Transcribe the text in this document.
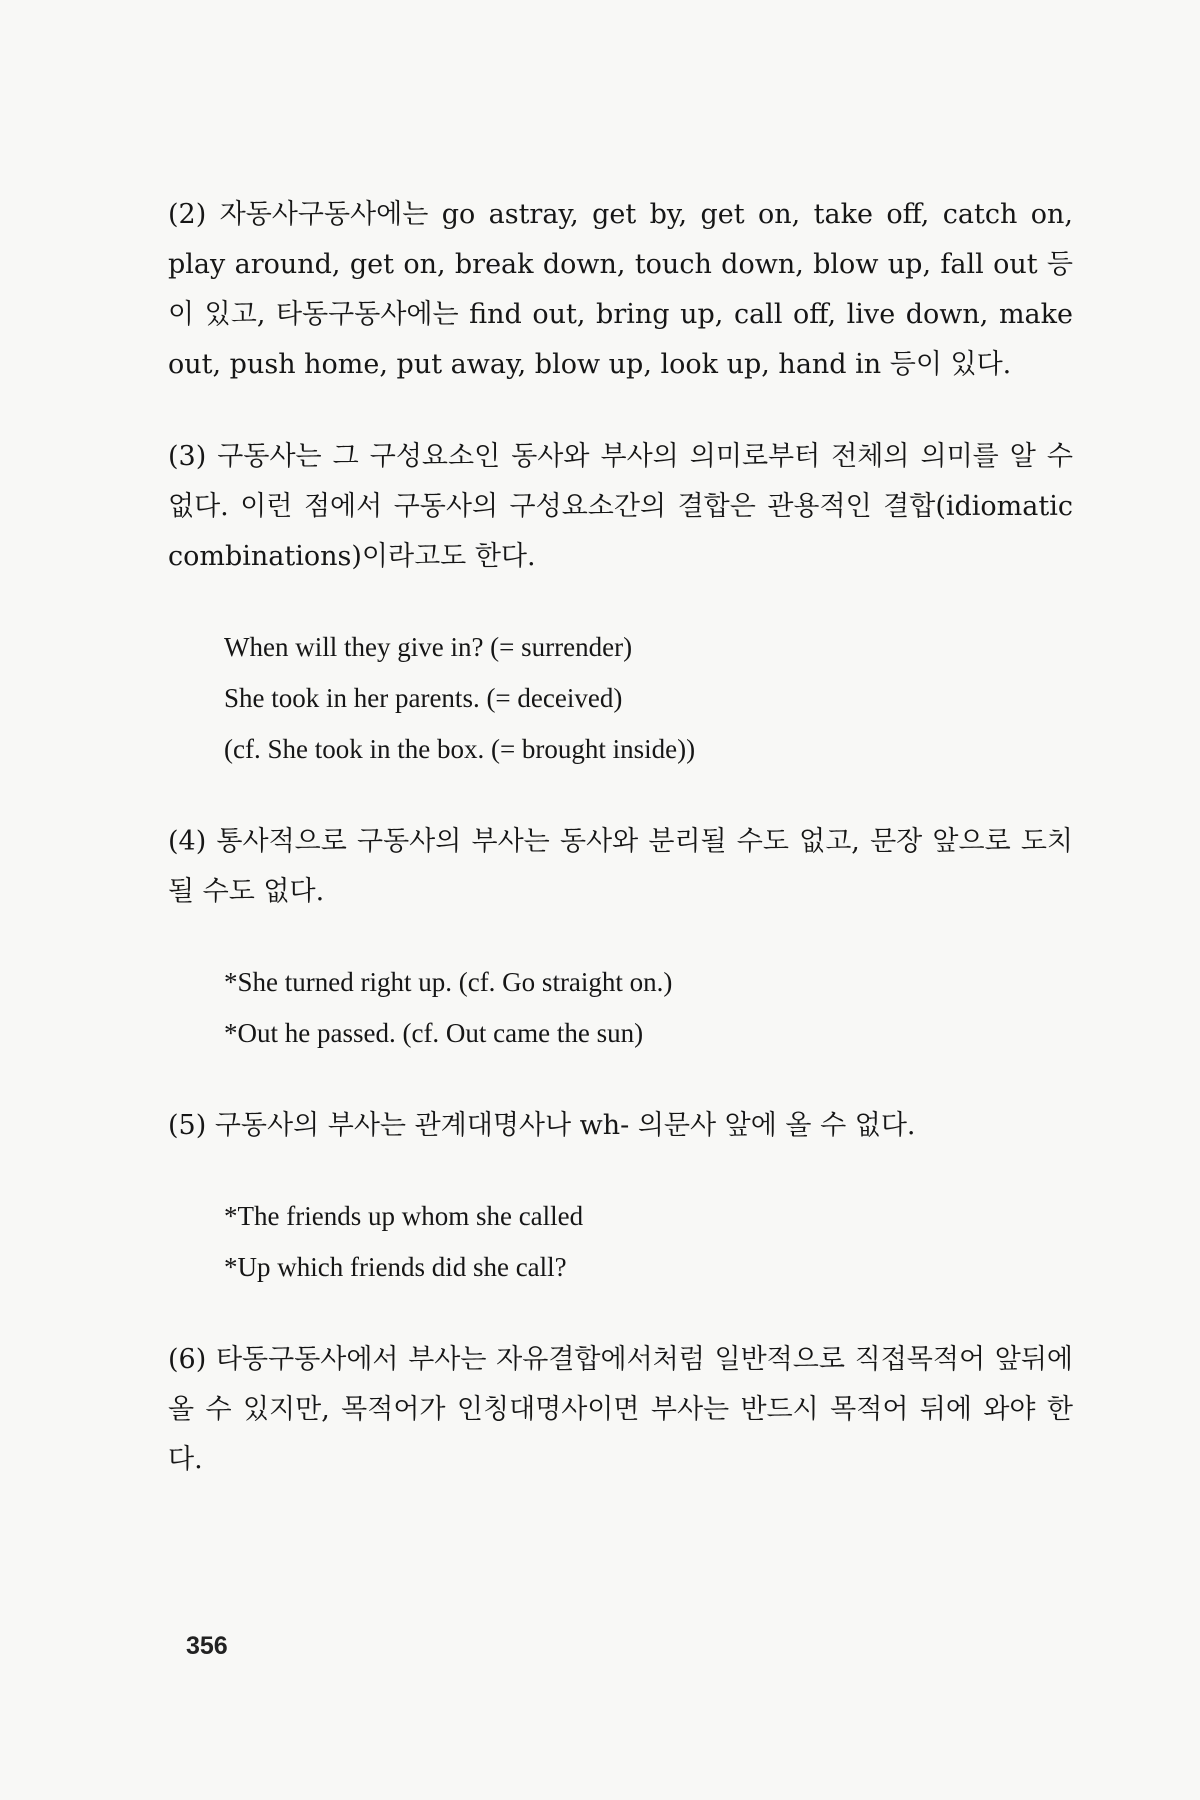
(2) 자동사구동사에는 go astray, get by, get on, take off, catch on, play around, get on, break down, touch down, blow up, fall out 등이 있고, 타동구동사에는 find out, bring up, call off, live down, make out, push home, put away, blow up, look up, hand in 등이 있다.

(3) 구동사는 그 구성요소인 동사와 부사의 의미로부터 전체의 의미를 알 수 없다. 이런 점에서 구동사의 구성요소간의 결합은 관용적인 결합(idiomatic combinations)이라고도 한다.

When will they give in? (= surrender)
She took in her parents. (= deceived)
(cf. She took in the box. (= brought inside))

(4) 통사적으로 구동사의 부사는 동사와 분리될 수도 없고, 문장 앞으로 도치될 수도 없다.

*She turned right up. (cf. Go straight on.)
*Out he passed. (cf. Out came the sun)

(5) 구동사의 부사는 관계대명사나 wh- 의문사 앞에 올 수 없다.

*The friends up whom she called
*Up which friends did she call?

(6) 타동구동사에서 부사는 자유결합에서처럼 일반적으로 직접목적어 앞뒤에 올 수 있지만, 목적어가 인칭대명사이면 부사는 반드시 목적어 뒤에 와야 한다.

356
